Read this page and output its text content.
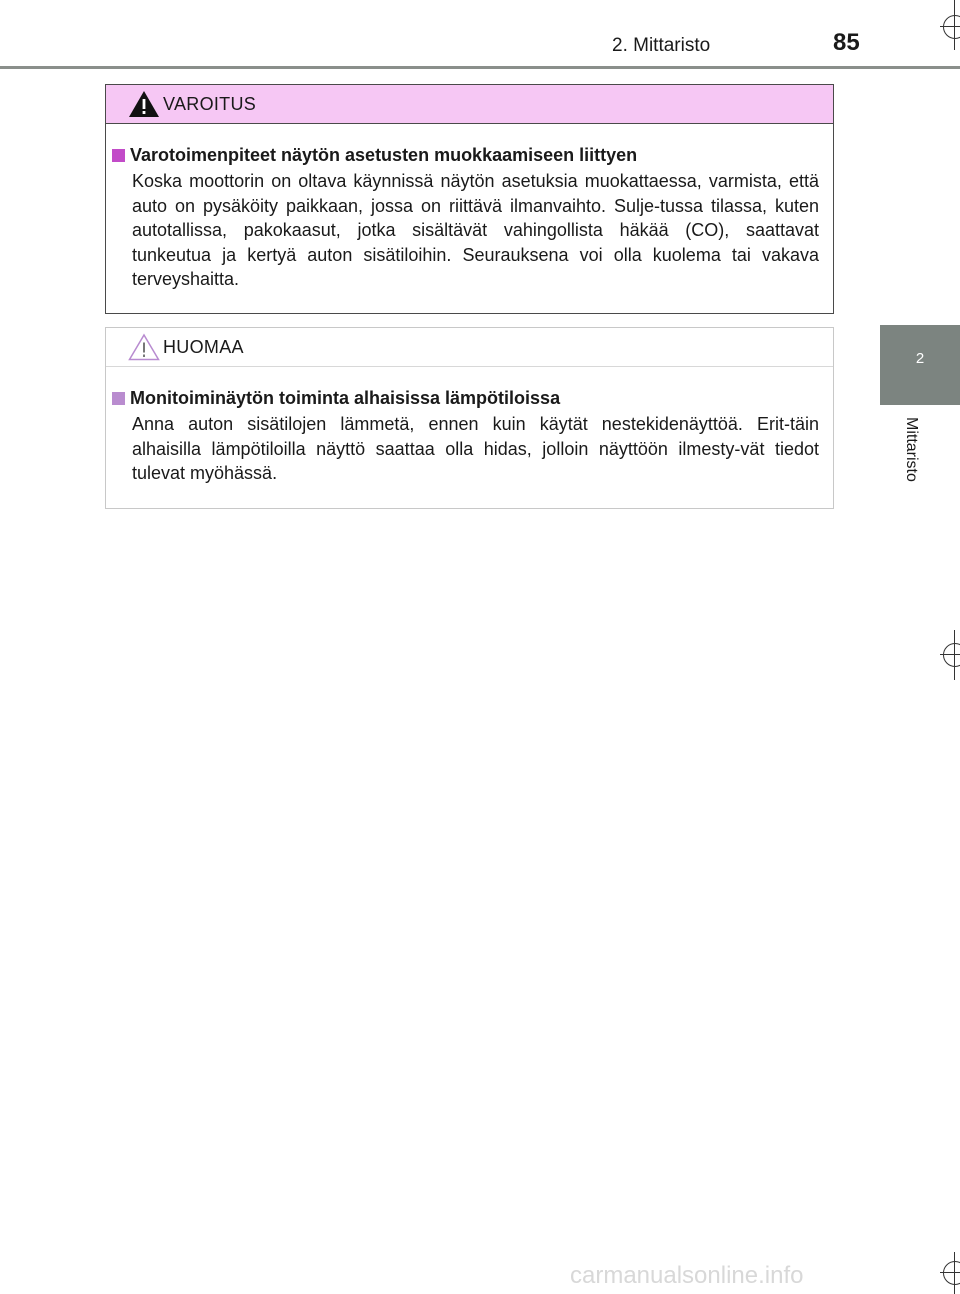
2. Mittaristo	85
2
Mittaristo
VAROITUS
Varotoimenpiteet näytön asetusten muokkaamiseen liittyen

Koska moottorin on oltava käynnissä näytön asetuksia muokattaessa, varmista, että auto on pysäköity paikkaan, jossa on riittävä ilmanvaihto. Sulje-tussa tilassa, kuten autotallissa, pakokaasut, jotka sisältävät vahingollista häkää (CO), saattavat tunkeutua ja kertyä auton sisätiloihin. Seurauksena voi olla kuolema tai vakava terveyshaitta.

HUOMAA
Monitoiminäytön toiminta alhaisissa lämpötiloissa

Anna auton sisätilojen lämmetä, ennen kuin käytät nestekidenäyttöä. Erit-täin alhaisilla lämpötiloilla näyttö saattaa olla hidas, jolloin näyttöön ilmesty-vät tiedot tulevat myöhässä.

carmanualsonline.info
